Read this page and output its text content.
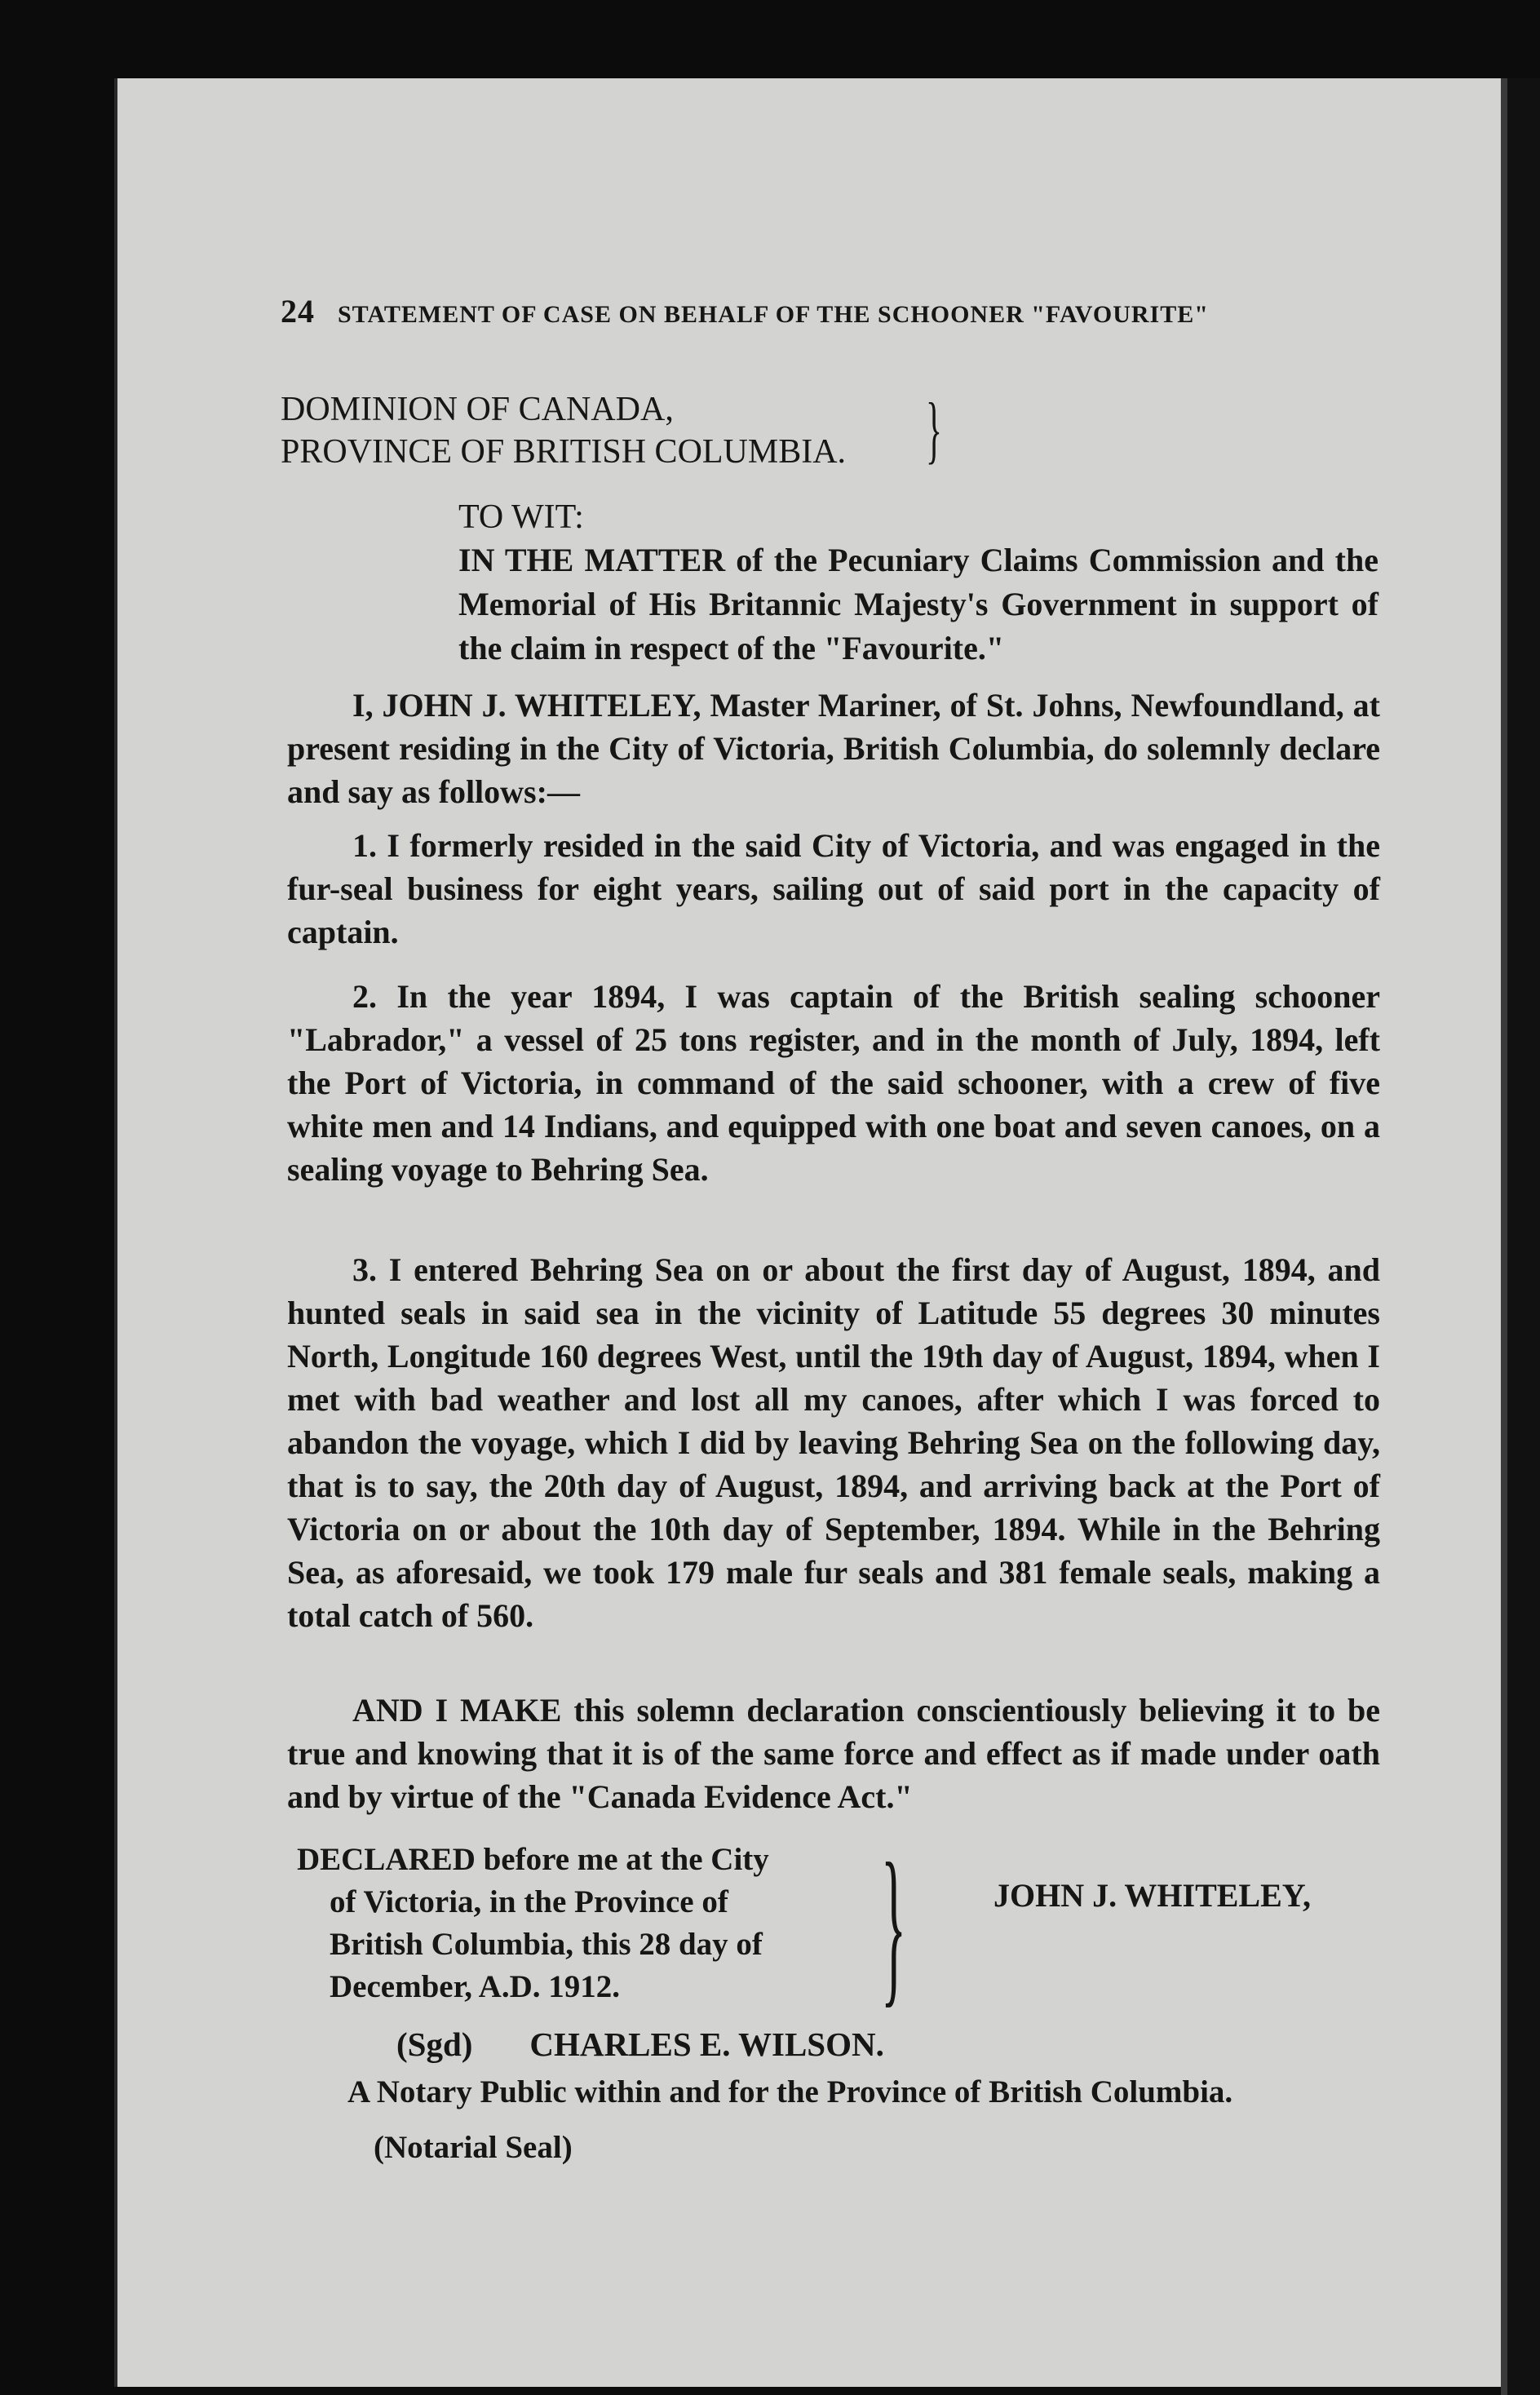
24 STATEMENT OF CASE ON BEHALF OF THE SCHOONER "FAVOURITE"
DOMINION OF CANADA,
PROVINCE OF BRITISH COLUMBIA. }
TO WIT:
IN THE MATTER of the Pecuniary Claims Commission and the Memorial of His Britannic Majesty's Government in support of the claim in respect of the "Favourite."
I, JOHN J. WHITELEY, Master Mariner, of St. Johns, Newfoundland, at present residing in the City of Victoria, British Columbia, do solemnly declare and say as follows:—
1. I formerly resided in the said City of Victoria, and was engaged in the fur-seal business for eight years, sailing out of said port in the capacity of captain.
2. In the year 1894, I was captain of the British sealing schooner "Labrador," a vessel of 25 tons register, and in the month of July, 1894, left the Port of Victoria, in command of the said schooner, with a crew of five white men and 14 Indians, and equipped with one boat and seven canoes, on a sealing voyage to Behring Sea.
3. I entered Behring Sea on or about the first day of August, 1894, and hunted seals in said sea in the vicinity of Latitude 55 degrees 30 minutes North, Longitude 160 degrees West, until the 19th day of August, 1894, when I met with bad weather and lost all my canoes, after which I was forced to abandon the voyage, which I did by leaving Behring Sea on the following day, that is to say, the 20th day of August, 1894, and arriving back at the Port of Victoria on or about the 10th day of September, 1894. While in the Behring Sea, as aforesaid, we took 179 male fur seals and 381 female seals, making a total catch of 560.
AND I MAKE this solemn declaration conscientiously believing it to be true and knowing that it is of the same force and effect as if made under oath and by virtue of the "Canada Evidence Act."
DECLARED before me at the City
of Victoria, in the Province of
British Columbia, this 28 day of
December, A.D. 1912.	}	JOHN J. WHITELEY,
(Sgd) CHARLES E. WILSON.
A Notary Public within and for the Province of British Columbia.
(Notarial Seal)
